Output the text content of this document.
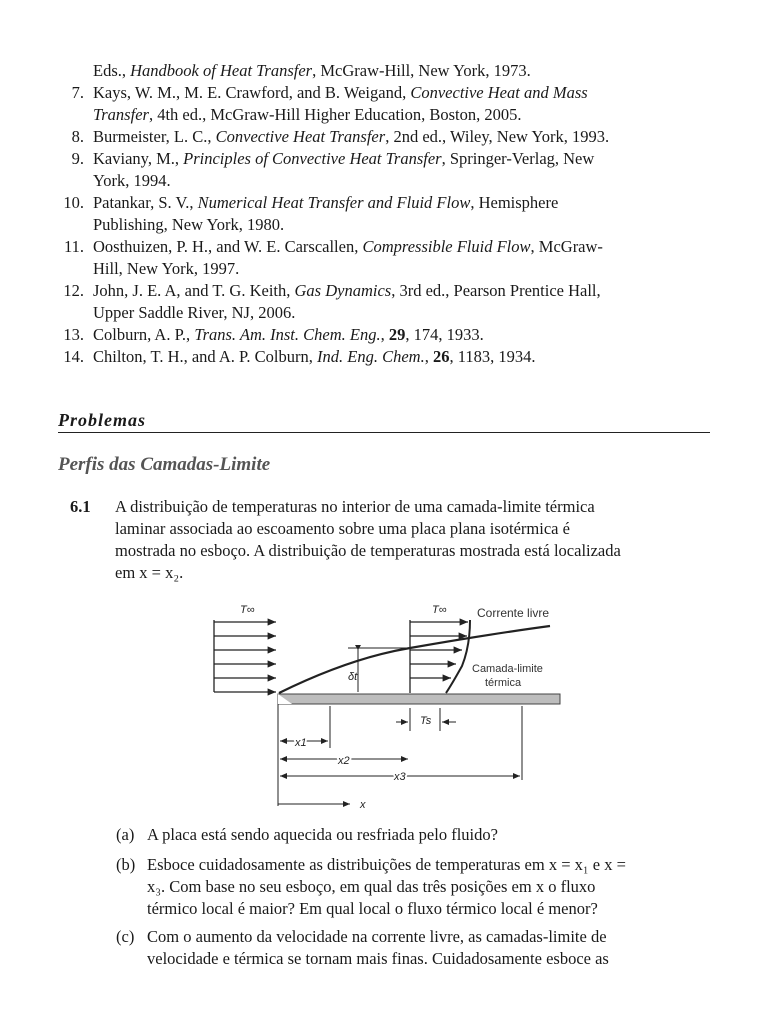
Eds., Handbook of Heat Transfer, McGraw-Hill, New York, 1973.
7. Kays, W. M., M. E. Crawford, and B. Weigand, Convective Heat and Mass
Transfer, 4th ed., McGraw-Hill Higher Education, Boston, 2005.
8. Burmeister, L. C., Convective Heat Transfer, 2nd ed., Wiley, New York, 1993.
9. Kaviany, M., Principles of Convective Heat Transfer, Springer-Verlag, New
York, 1994.
10. Patankar, S. V., Numerical Heat Transfer and Fluid Flow, Hemisphere
Publishing, New York, 1980.
11. Oosthuizen, P. H., and W. E. Carscallen, Compressible Fluid Flow, McGraw-
Hill, New York, 1997.
12. John, J. E. A, and T. G. Keith, Gas Dynamics, 3rd ed., Pearson Prentice Hall,
Upper Saddle River, NJ, 2006.
13. Colburn, A. P., Trans. Am. Inst. Chem. Eng., 29, 174, 1933.
14. Chilton, T. H., and A. P. Colburn, Ind. Eng. Chem., 26, 1183, 1934.
Problemas
Perfis das Camadas-Limite
6.1 A distribuição de temperaturas no interior de uma camada-limite térmica
laminar associada ao escoamento sobre uma placa plana isotérmica é
mostrada no esboço. A distribuição de temperaturas mostrada está localizada
em x = x₂.
T∞	T∞
δt
Corrente livre
Camada-limite
térmica
Ts
x1
x2
x3
x
(a) A placa está sendo aquecida ou resfriada pelo fluido?
(b) Esboce cuidadosamente as distribuições de temperaturas em x = x₁ e x =
x₃. Com base no seu esboço, em qual das três posições em x o fluxo
térmico local é maior? Em qual local o fluxo térmico local é menor?
(c) Com o aumento da velocidade na corrente livre, as camadas-limite de
velocidade e térmica se tornam mais finas. Cuidadosamente esboce as
